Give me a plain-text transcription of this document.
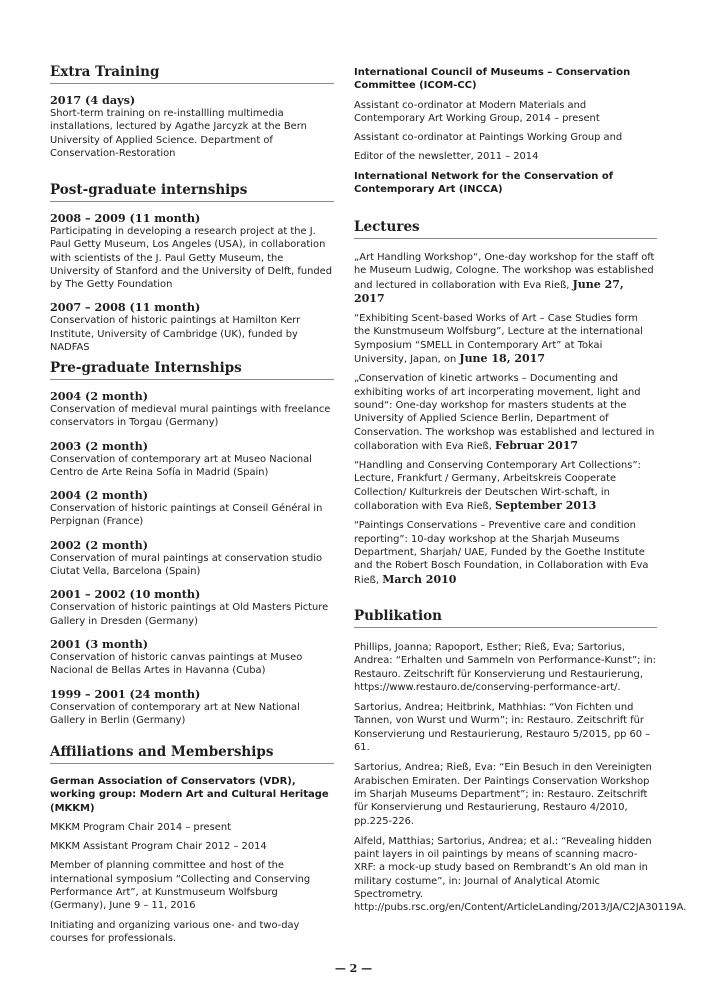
Extra Training
2017 (4 days)
Short-term training on re-installling multimedia installations, lectured by Agathe Jarcyzk at the Bern University of Applied Science. Department of Conservation-Restoration
Post-graduate internships
2008 – 2009 (11 month)
Participating in developing a research project at the J. Paul Getty Museum, Los Angeles (USA), in collaboration with scientists of the J. Paul Getty Museum, the University of Stanford and the University of Delft, funded by The Getty Foundation
2007 – 2008 (11 month)
Conservation of historic paintings at Hamilton Kerr Institute, University of Cambridge (UK), funded by NADFAS
Pre-graduate Internships
2004 (2 month)
Conservation of medieval mural paintings with freelance conservators in Torgau (Germany)
2003 (2 month)
Conservation of contemporary art at Museo Nacional Centro de Arte Reina Sofía in Madrid (Spain)
2004 (2 month)
Conservation of historic paintings at Conseil Général in Perpignan (France)
2002 (2 month)
Conservation of mural paintings at conservation studio Ciutat Vella, Barcelona (Spain)
2001 – 2002 (10 month)
Conservation of historic paintings at Old Masters Picture Gallery in Dresden (Germany)
2001 (3 month)
Conservation of historic canvas paintings at Museo Nacional de Bellas Artes in Havanna (Cuba)
1999 – 2001 (24 month)
Conservation of contemporary art at New National Gallery in Berlin (Germany)
Affiliations and Memberships
German Association of Conservators (VDR), working group: Modern Art and Cultural Heritage (MKKM)
MKKM Program Chair 2014 – present
MKKM Assistant Program Chair 2012 – 2014
Member of planning committee and host of the international symposium “Collecting and Conserving Performance Art”, at Kunstmuseum Wolfsburg (Germany), June 9 – 11, 2016
Initiating and organizing various one- and two-day courses for professionals.
International Council of Museums – Conservation Committee (ICOM-CC)
Assistant co-ordinator at Modern Materials and Contemporary Art Working Group, 2014 – present
Assistant co-ordinator at Paintings Working Group and
Editor of the newsletter, 2011 – 2014
International Network for the Conservation of Contemporary Art (INCCA)
Lectures
„Art Handling Workshop“, One-day workshop for the staff oft he Museum Ludwig, Cologne. The workshop was established and lectured in collaboration with Eva Rieß, June 27, 2017
“Exhibiting Scent-based Works of Art – Case Studies form the Kunstmuseum Wolfsburg”, Lecture at the international Symposium “SMELL in Contemporary Art” at Tokai University, Japan, on June 18, 2017
„Conservation of kinetic artworks – Documenting and exhibiting works of art incorperating movement, light and sound“: One-day workshop for masters students at the University of Applied Science Berlin, Department of Conservation. The workshop was established and lectured in collaboration with Eva Rieß, Februar 2017
“Handling and Conserving Contemporary Art Collections”: Lecture, Frankfurt / Germany, Arbeitskreis Cooperate Collection/ Kulturkreis der Deutschen Wirt-schaft, in collaboration with Eva Rieß, September 2013
“Paintings Conservations – Preventive care and condition reporting”: 10-day workshop at the Sharjah Museums Department, Sharjah/ UAE, Funded by the Goethe Institute and the Robert Bosch Foundation, in Collaboration with Eva Rieß, March 2010
Publikation
Phillips, Joanna; Rapoport, Esther; Rieß, Eva; Sartorius, Andrea: “Erhalten und Sammeln von Performance-Kunst”; in: Restauro. Zeitschrift für Konservierung und Restaurierung, https://www.restauro.de/conserving-performance-art/.
Sartorius, Andrea; Heitbrink, Mathhias: “Von Fichten und Tannen, von Wurst und Wurm”; in: Restauro. Zeitschrift für Konservierung und Restaurierung, Restauro 5/2015, pp 60 – 61.
Sartorius, Andrea; Rieß, Eva: “Ein Besuch in den Vereinigten Arabischen Emiraten. Der Paintings Conservation Workshop im Sharjah Museums Department”; in: Restauro. Zeitschrift für Konservierung und Restaurierung, Restauro 4/2010, pp.225-226.
Alfeld, Matthias; Sartorius, Andrea; et al.: “Revealing hidden paint layers in oil paintings by means of scanning macro-XRF: a mock-up study based on Rembrandt’s An old man in military costume”, in: Journal of Analytical Atomic Spectrometry. http://pubs.rsc.org/en/Content/ArticleLanding/2013/JA/C2JA30119A.
— 2 —
